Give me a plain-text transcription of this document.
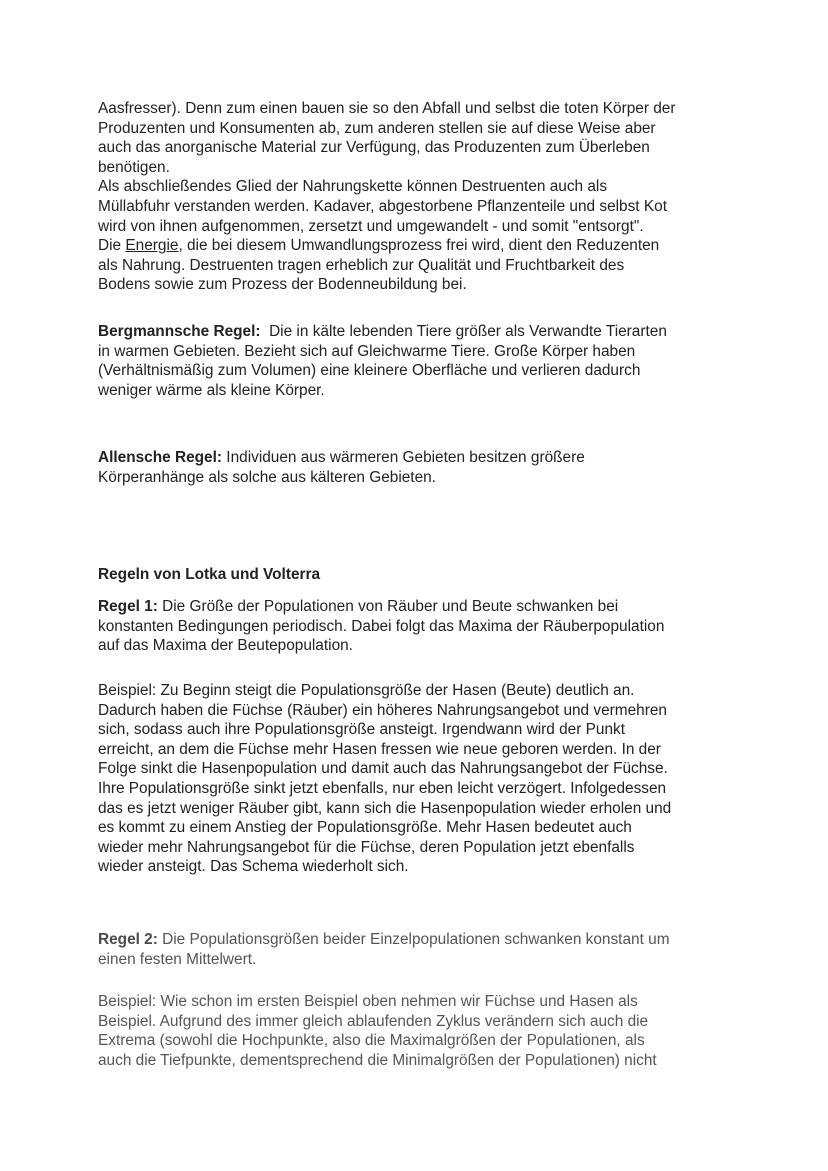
Aasfresser). Denn zum einen bauen sie so den Abfall und selbst die toten Körper der
Produzenten und Konsumenten ab, zum anderen stellen sie auf diese Weise aber
auch das anorganische Material zur Verfügung, das Produzenten zum Überleben
benötigen.
Als abschließendes Glied der Nahrungskette können Destruenten auch als
Müllabfuhr verstanden werden. Kadaver, abgestorbene Pflanzenteile und selbst Kot
wird von ihnen aufgenommen, zersetzt und umgewandelt - und somit "entsorgt".
Die Energie, die bei diesem Umwandlungsprozess frei wird, dient den Reduzenten
als Nahrung. Destruenten tragen erheblich zur Qualität und Fruchtbarkeit des
Bodens sowie zum Prozess der Bodenneubildung bei.
Bergmannsche Regel:  Die in kälte lebenden Tiere größer als Verwandte Tierarten
in warmen Gebieten. Bezieht sich auf Gleichwarme Tiere. Große Körper haben
(Verhältnismäßig zum Volumen) eine kleinere Oberfläche und verlieren dadurch
weniger wärme als kleine Körper.
Allensche Regel: Individuen aus wärmeren Gebieten besitzen größere
Körperanhänge als solche aus kälteren Gebieten.
Regeln von Lotka und Volterra
Regel 1: Die Größe der Populationen von Räuber und Beute schwanken bei
konstanten Bedingungen periodisch. Dabei folgt das Maxima der Räuberpopulation
auf das Maxima der Beutepopulation.
Beispiel: Zu Beginn steigt die Populationsgröße der Hasen (Beute) deutlich an.
Dadurch haben die Füchse (Räuber) ein höheres Nahrungsangebot und vermehren
sich, sodass auch ihre Populationsgröße ansteigt. Irgendwann wird der Punkt
erreicht, an dem die Füchse mehr Hasen fressen wie neue geboren werden. In der
Folge sinkt die Hasenpopulation und damit auch das Nahrungsangebot der Füchse.
Ihre Populationsgröße sinkt jetzt ebenfalls, nur eben leicht verzögert. Infolgedessen
das es jetzt weniger Räuber gibt, kann sich die Hasenpopulation wieder erholen und
es kommt zu einem Anstieg der Populationsgröße. Mehr Hasen bedeutet auch
wieder mehr Nahrungsangebot für die Füchse, deren Population jetzt ebenfalls
wieder ansteigt. Das Schema wiederholt sich.
Regel 2: Die Populationsgrößen beider Einzelpopulationen schwanken konstant um
einen festen Mittelwert.
Beispiel: Wie schon im ersten Beispiel oben nehmen wir Füchse und Hasen als
Beispiel. Aufgrund des immer gleich ablaufenden Zyklus verändern sich auch die
Extrema (sowohl die Hochpunkte, also die Maximalgrößen der Populationen, als
auch die Tiefpunkte, dementsprechend die Minimalgrößen der Populationen) nicht
